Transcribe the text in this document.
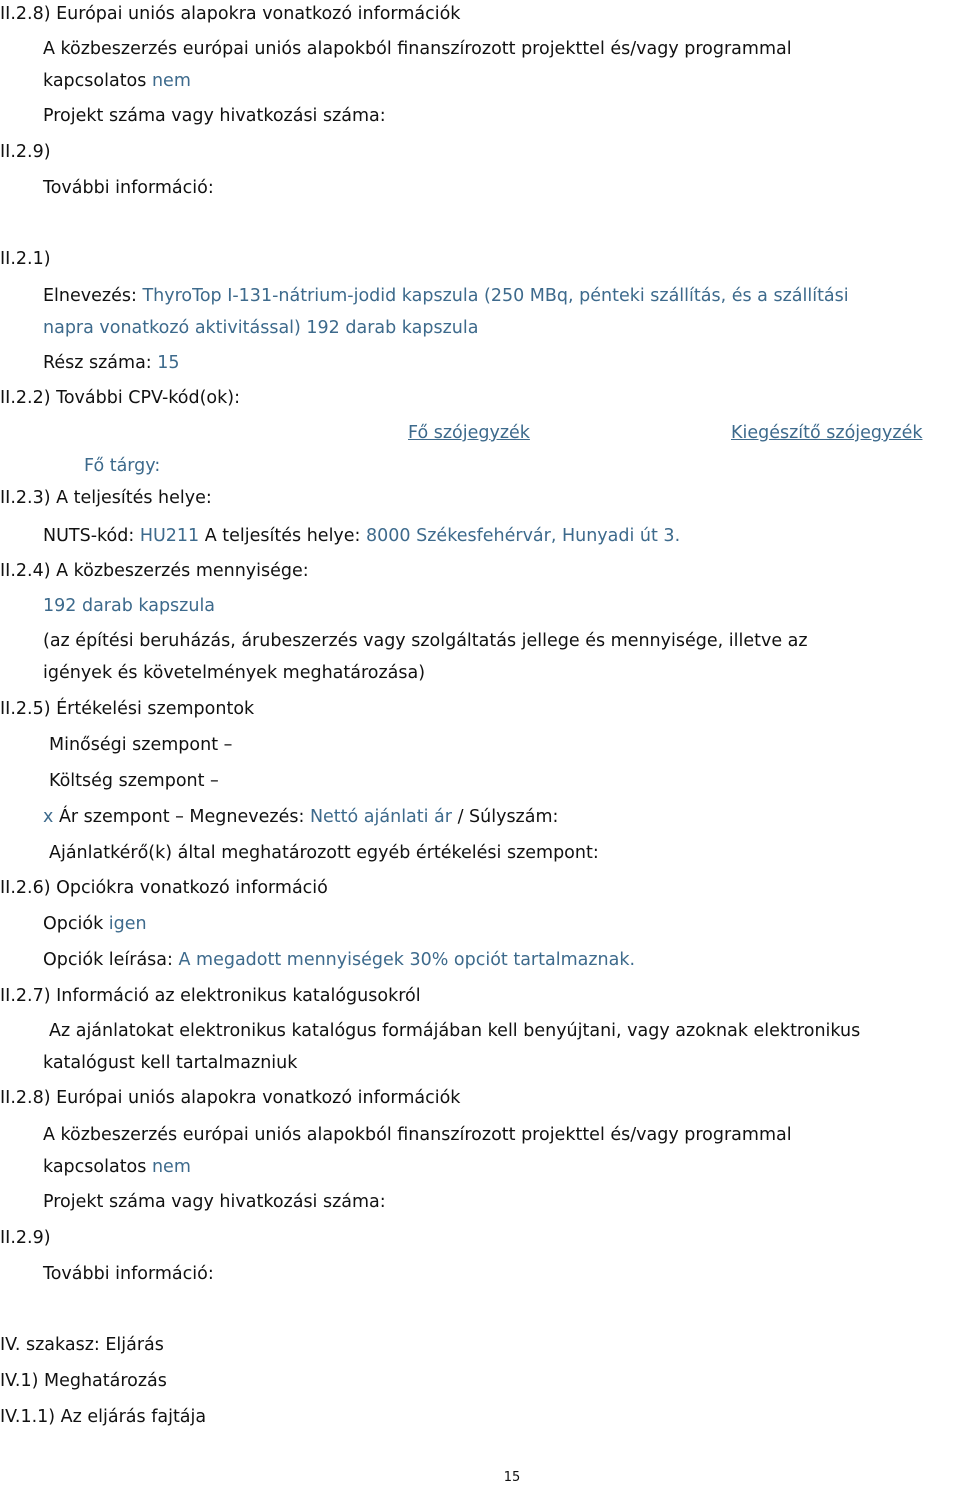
II.2.8) Európai uniós alapokra vonatkozó információk
A közbeszerzés európai uniós alapokból finanszírozott projekttel és/vagy programmal
kapcsolatos nem
Projekt száma vagy hivatkozási száma:
II.2.9)
További információ:
II.2.1)
Elnevezés: ThyroTop I-131-nátrium-jodid kapszula (250 MBq, pénteki szállítás, és a szállítási
napra vonatkozó aktivitással) 192 darab kapszula
Rész száma: 15
II.2.2) További CPV-kód(ok):
Fő szójegyzék	Kiegészítő szójegyzék
Fő tárgy:
II.2.3) A teljesítés helye:
NUTS-kód: HU211 A teljesítés helye: 8000 Székesfehérvár, Hunyadi út 3.
II.2.4) A közbeszerzés mennyisége:
192 darab kapszula
(az építési beruházás, árubeszerzés vagy szolgáltatás jellege és mennyisége, illetve az
igények és követelmények meghatározása)
II.2.5) Értékelési szempontok
Minőségi szempont –
Költség szempont –
x Ár szempont – Megnevezés: Nettó ajánlati ár / Súlyszám:
Ajánlatkérő(k) által meghatározott egyéb értékelési szempont:
II.2.6) Opciókra vonatkozó információ
Opciók igen
Opciók leírása: A megadott mennyiségek 30% opciót tartalmaznak.
II.2.7) Információ az elektronikus katalógusokról
Az ajánlatokat elektronikus katalógus formájában kell benyújtani, vagy azoknak elektronikus
katalógust kell tartalmazniuk
II.2.8) Európai uniós alapokra vonatkozó információk
A közbeszerzés európai uniós alapokból finanszírozott projekttel és/vagy programmal
kapcsolatos nem
Projekt száma vagy hivatkozási száma:
II.2.9)
További információ:
IV. szakasz: Eljárás
IV.1) Meghatározás
IV.1.1) Az eljárás fajtája
15
